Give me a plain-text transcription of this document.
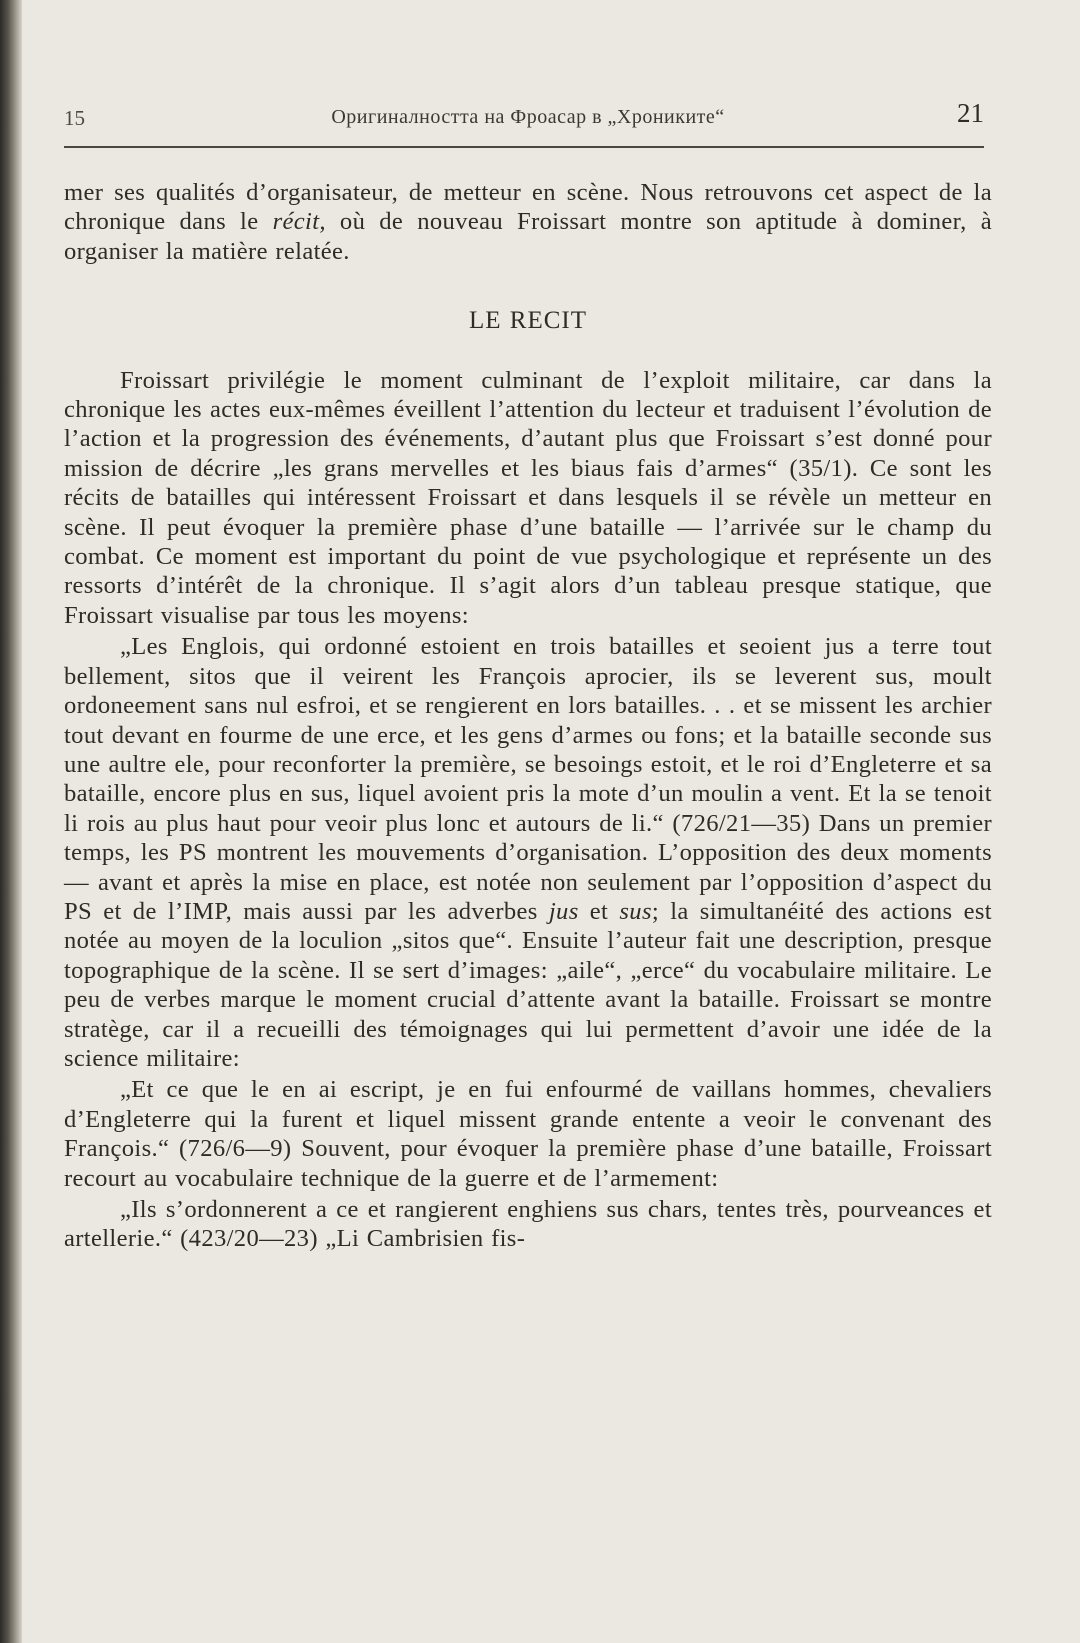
15	Оригиналността на Фроасар в „Хрониките“	21

mer ses qualités d’organisateur, de metteur en scène. Nous retrouvons cet aspect de la chronique dans le récit, où de nouveau Froissart montre son aptitude à dominer, à organiser la matière relatée.

LE RECIT

Froissart privilégie le moment culminant de l’exploit militaire, car dans la chronique les actes eux-mêmes éveillent l’attention du lecteur et traduisent l’évolution de l’action et la progression des événements, d’autant plus que Froissart s’est donné pour mission de décrire „les grans mervelles et les biaus fais d’armes“ (35/1). Ce sont les récits de batailles qui intéressent Froissart et dans lesquels il se révèle un metteur en scène. Il peut évoquer la première phase d’une bataille — l’arrivée sur le champ du combat. Ce moment est important du point de vue psychologique et représente un des ressorts d’intérêt de la chronique. Il s’agit alors d’un tableau presque statique, que Froissart visualise par tous les moyens:

„Les Englois, qui ordonné estoient en trois batailles et seoient jus a terre tout bellement, sitos que il veirent les François aprocier, ils se leverent sus, moult ordoneement sans nul esfroi, et se rengierent en lors batailles. . . et se missent les archier tout devant en fourme de une erce, et les gens d’armes ou fons; et la bataille seconde sus une aultre ele, pour reconforter la première, se besoings estoit, et le roi d’Engleterre et sa bataille, encore plus en sus, liquel avoient pris la mote d’un moulin a vent. Et la se tenoit li rois au plus haut pour veoir plus lonc et autours de li.“ (726/21—35) Dans un premier temps, les PS montrent les mouvements d’organisation. L’opposition des deux moments — avant et après la mise en place, est notée non seulement par l’opposition d’aspect du PS et de l’IMP, mais aussi par les adverbes jus et sus; la simultanéité des actions est notée au moyen de la loculion „sitos que“. Ensuite l’auteur fait une description, presque topographique de la scène. Il se sert d’images: „aile“, „erce“ du vocabulaire militaire. Le peu de verbes marque le moment crucial d’attente avant la bataille. Froissart se montre stratège, car il a recueilli des témoignages qui lui permettent d’avoir une idée de la science militaire:

„Et ce que le en ai escript, je en fui enfourmé de vaillans hommes, chevaliers d’Engleterre qui la furent et liquel missent grande entente a veoir le convenant des François.“ (726/6—9) Souvent, pour évoquer la première phase d’une bataille, Froissart recourt au vocabulaire technique de la guerre et de l’armement:

„Ils s’ordonnerent a ce et rangierent enghiens sus chars, tentes très, pourveances et artellerie.“ (423/20—23) „Li Cambrisien fis-
